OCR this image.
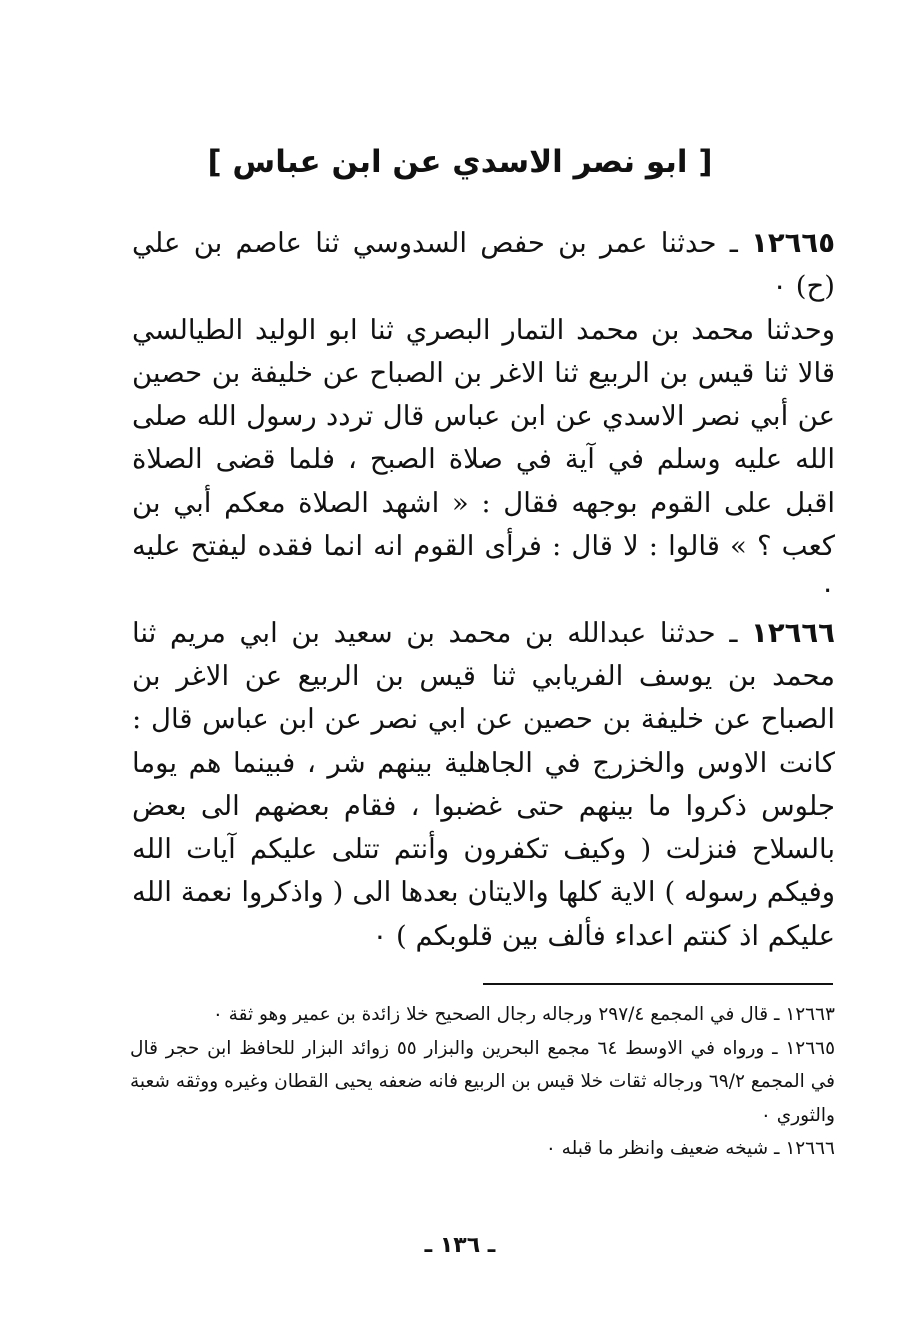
[ ابو نصر الاسدي عن ابن عباس ]

١٢٦٦٥ ـ حدثنا عمر بن حفص السدوسي ثنا عاصم بن علي (ح) ٠

وحدثنا محمد بن محمد التمار البصري ثنا ابو الوليد الطيالسي قالا ثنا قيس بن الربيع ثنا الاغر بن الصباح عن خليفة بن حصين عن أبي نصر الاسدي عن ابن عباس قال تردد رسول الله صلى الله عليه وسلم في آية في صلاة الصبح ، فلما قضى الصلاة اقبل على القوم بوجهه فقال : « اشهد الصلاة معكم أبي بن كعب ؟ » قالوا : لا قال : فرأى القوم انه انما فقده ليفتح عليه ٠

١٢٦٦٦ ـ حدثنا عبدالله بن محمد بن سعيد بن ابي مريم ثنا محمد بن يوسف الفريابي ثنا قيس بن الربيع عن الاغر بن الصباح عن خليفة بن حصين عن ابي نصر عن ابن عباس قال : كانت الاوس والخزرج في الجاهلية بينهم شر ، فبينما هم يوما جلوس ذكروا ما بينهم حتى غضبوا ، فقام بعضهم الى بعض بالسلاح فنزلت ( وكيف تكفرون وأنتم تتلى عليكم آيات الله وفيكم رسوله ) الاية كلها والايتان بعدها الى ( واذكروا نعمة الله عليكم اذ كنتم اعداء فألف بين قلوبكم ) ٠

١٢٦٦٣ ـ قال في المجمع ٢٩٧/٤ ورجاله رجال الصحيح خلا زائدة بن عمير وهو ثقة ٠

١٢٦٦٥ ـ ورواه في الاوسط ٦٤ مجمع البحرين والبزار ٥٥ زوائد البزار للحافظ ابن حجر قال في المجمع ٦٩/٢ ورجاله ثقات خلا قيس بن الربيع فانه ضعفه يحيى القطان وغيره ووثقه شعبة والثوري ٠

١٢٦٦٦ ـ شيخه ضعيف وانظر ما قبله ٠

ـ ١٣٦ ـ
